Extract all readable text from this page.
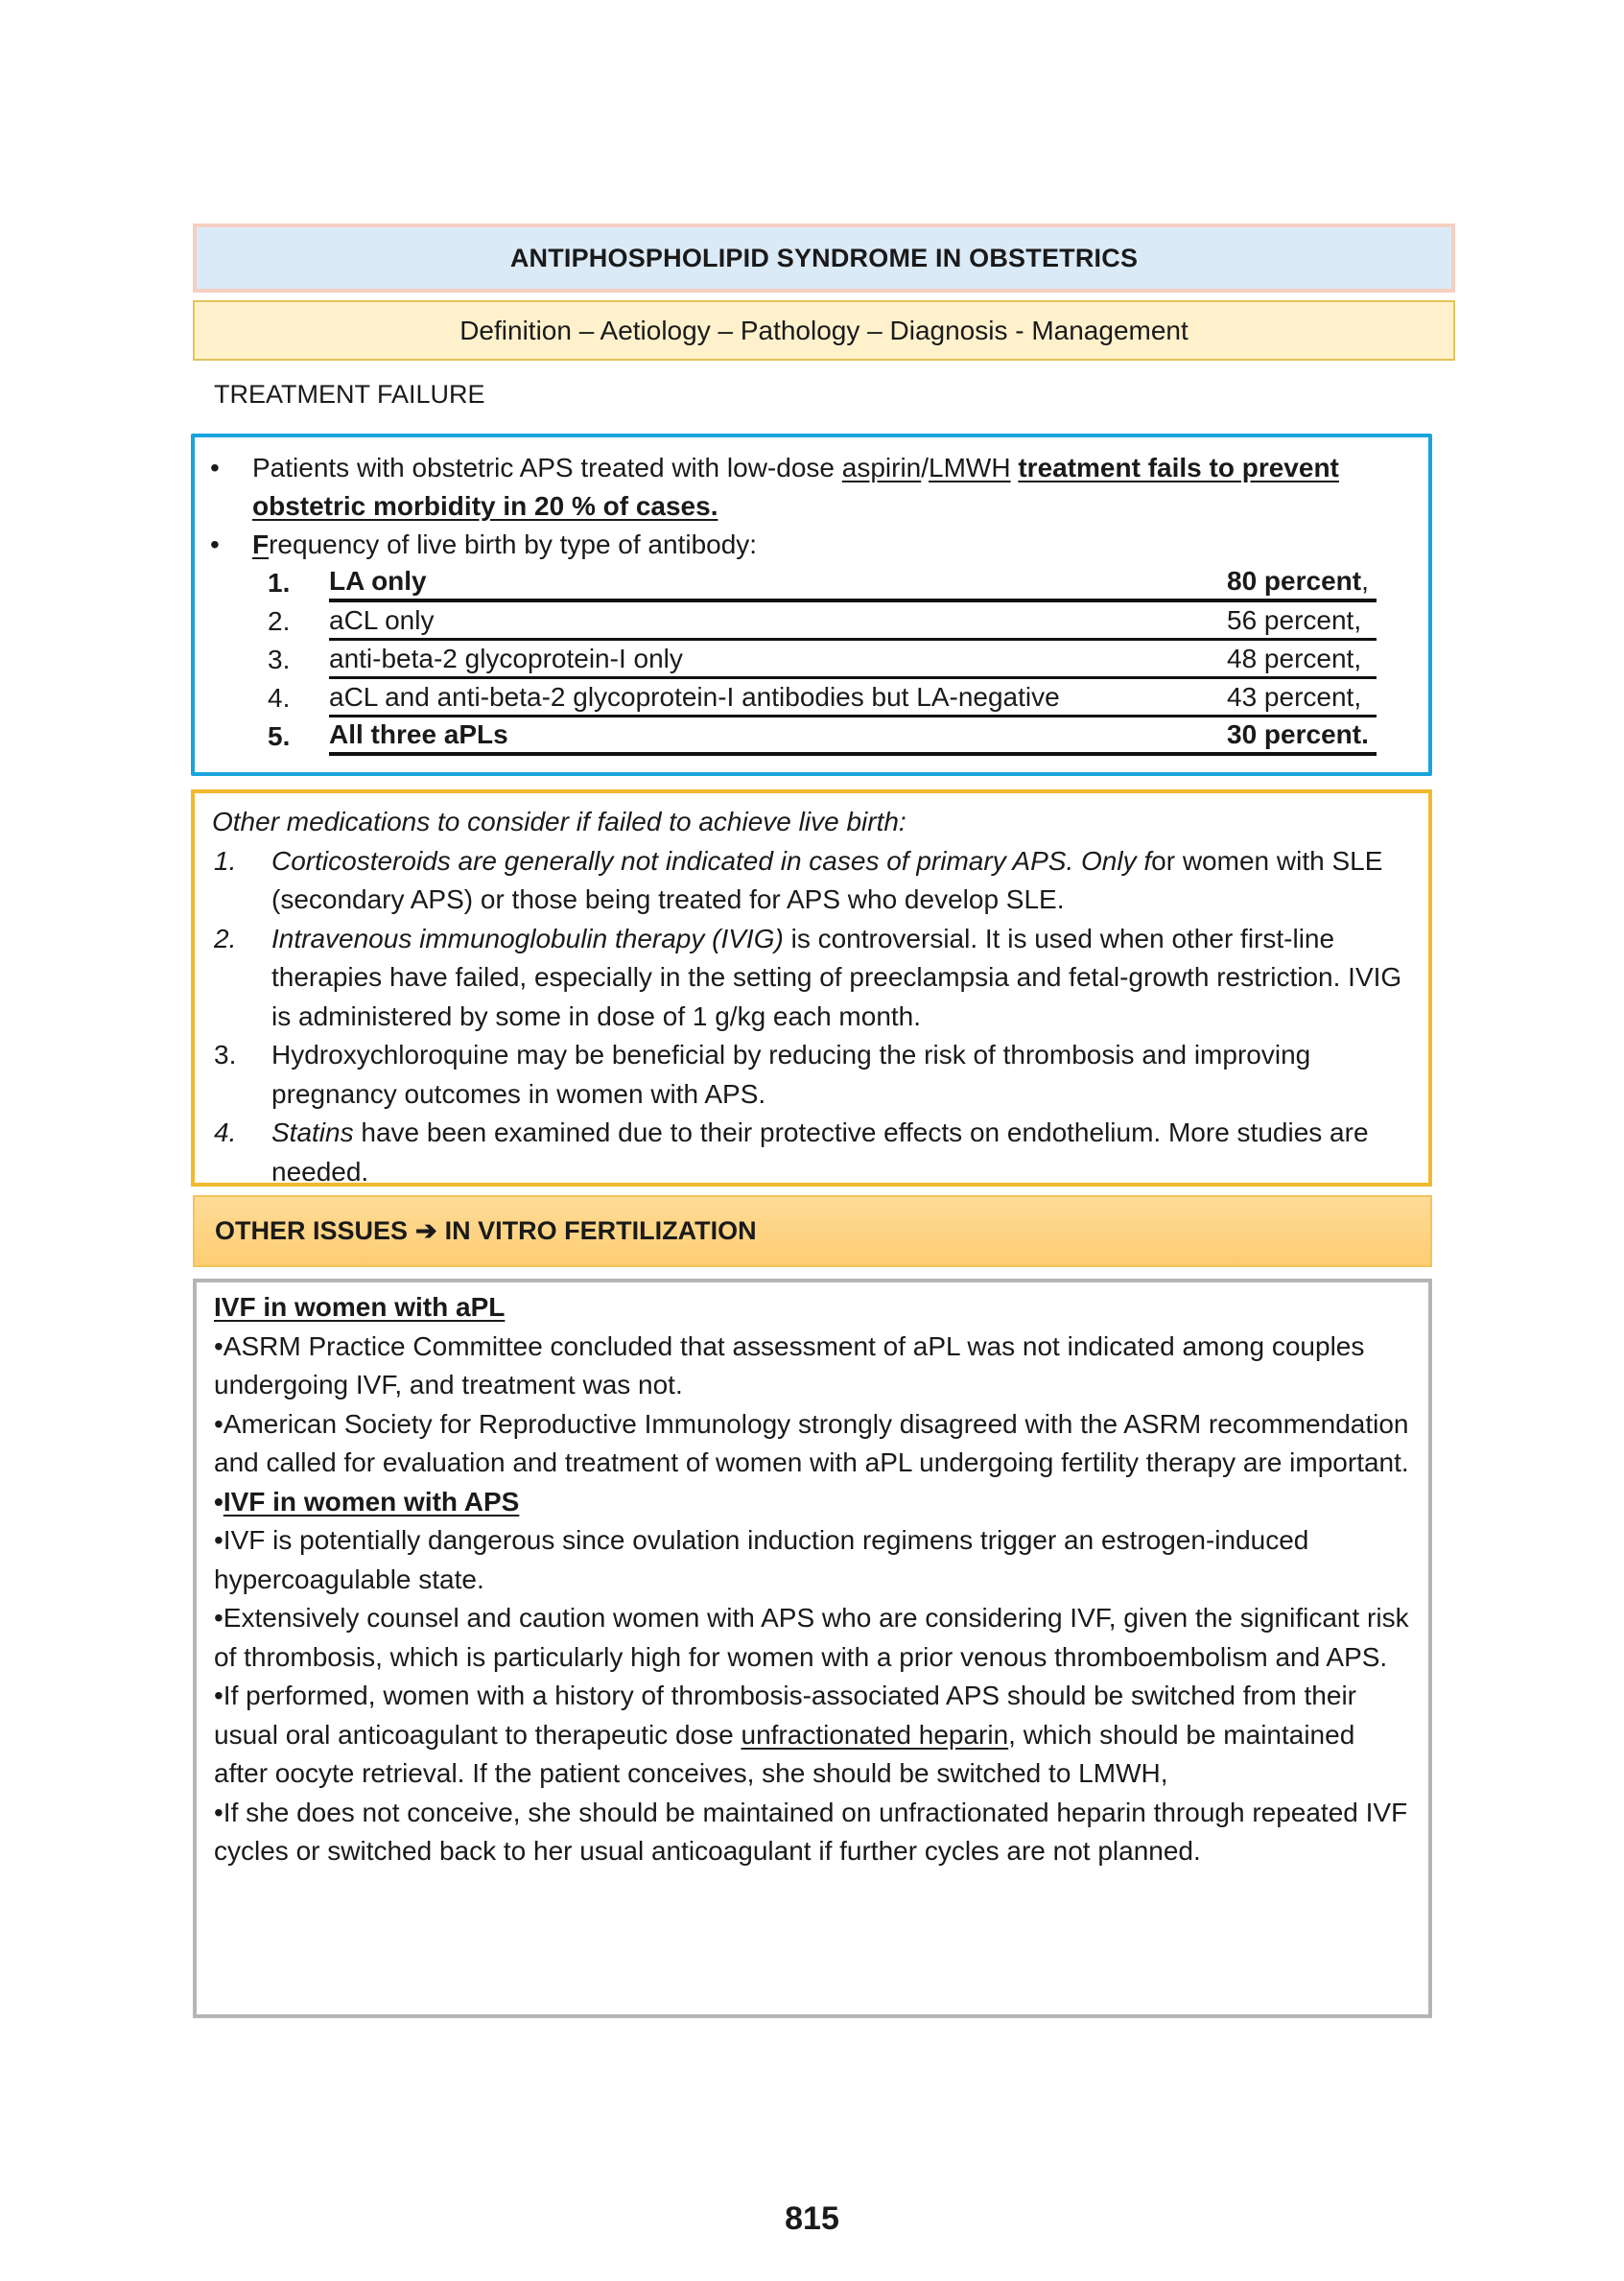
ANTIPHOSPHOLIPID SYNDROME IN OBSTETRICS
Definition – Aetiology – Pathology – Diagnosis - Management
TREATMENT FAILURE
• Patients with obstetric APS treated with low-dose aspirin/LMWH treatment fails to prevent obstetric morbidity in 20 % of cases.
• Frequency of live birth by type of antibody:
1.	LA only	80 percent,
2.	aCL only	56 percent,
3.	anti-beta-2 glycoprotein-I only	48 percent,
4.	aCL and anti-beta-2 glycoprotein-I antibodies but LA-negative	43 percent,
5.	All three aPLs	30 percent.
Other medications to consider if failed to achieve live birth:
1. Corticosteroids are generally not indicated in cases of primary APS. Only for women with SLE (secondary APS) or those being treated for APS who develop SLE.
2. Intravenous immunoglobulin therapy (IVIG) is controversial. It is used when other first-line therapies have failed, especially in the setting of preeclampsia and fetal-growth restriction. IVIG is administered by some in dose of 1 g/kg each month.
3. Hydroxychloroquine may be beneficial by reducing the risk of thrombosis and improving pregnancy outcomes in women with APS.
4. Statins have been examined due to their protective effects on endothelium. More studies are needed.
OTHER ISSUES ➔ IN VITRO FERTILIZATION
IVF in women with aPL
•ASRM Practice Committee concluded that assessment of aPL was not indicated among couples undergoing IVF, and treatment was not.
•American Society for Reproductive Immunology strongly disagreed with the ASRM recommendation and called for evaluation and treatment of women with aPL undergoing fertility therapy are important.
•IVF in women with APS
•IVF is potentially dangerous since ovulation induction regimens trigger an estrogen-induced hypercoagulable state.
•Extensively counsel and caution women with APS who are considering IVF, given the significant risk of thrombosis, which is particularly high for women with a prior venous thromboembolism and APS.
•If performed, women with a history of thrombosis-associated APS should be switched from their usual oral anticoagulant to therapeutic dose unfractionated heparin, which should be maintained after oocyte retrieval. If the patient conceives, she should be switched to LMWH,
•If she does not conceive, she should be maintained on unfractionated heparin through repeated IVF cycles or switched back to her usual anticoagulant if further cycles are not planned.
815
